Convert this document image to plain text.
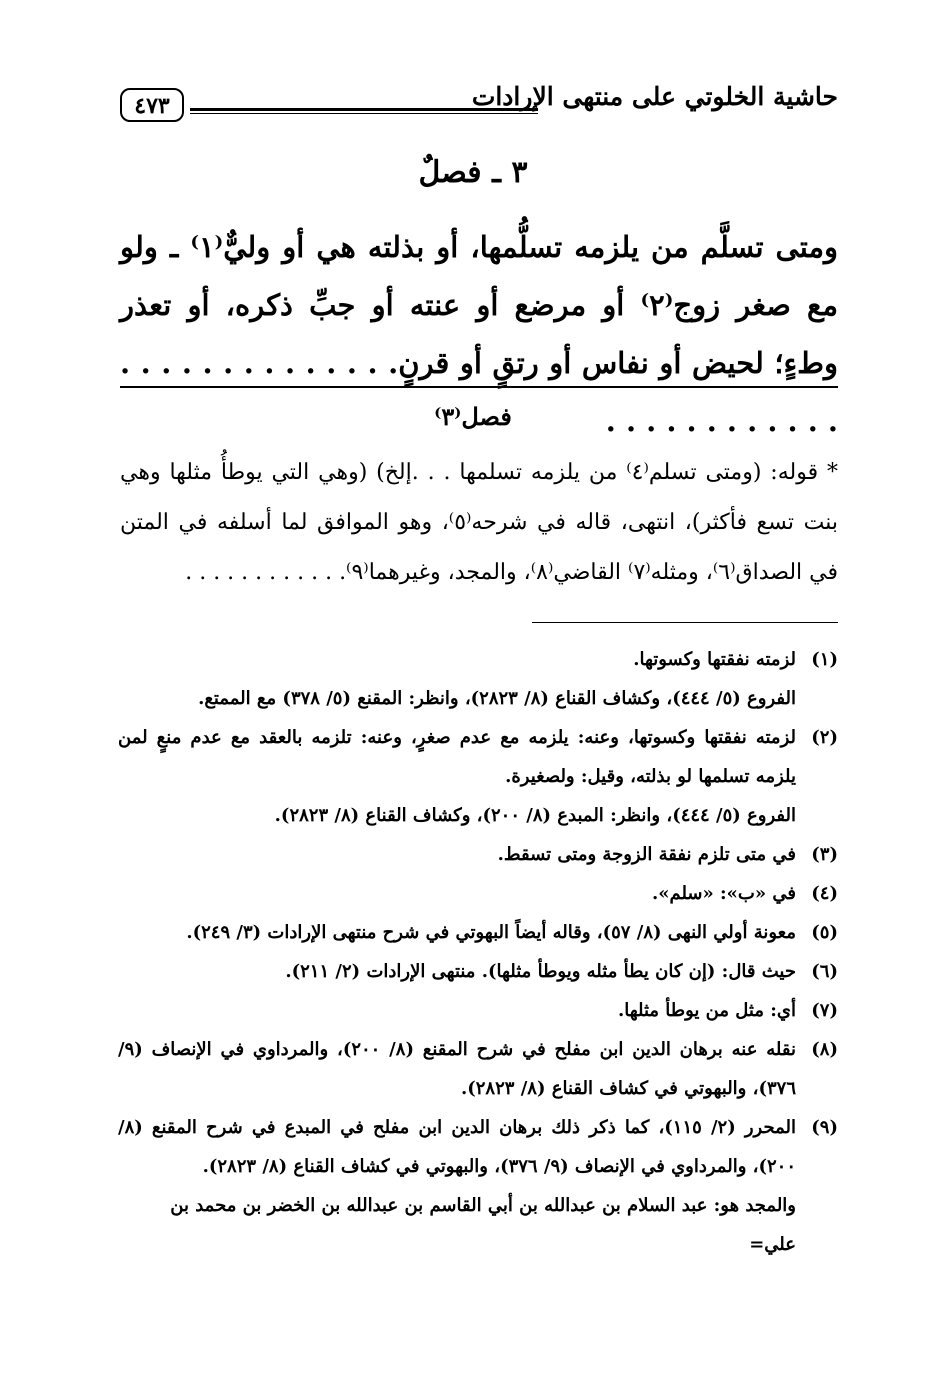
حاشية الخلوتي على منتهى الإرادات
٤٧٣
٣ ـ فصلٌ
ومتى تسلَّم من يلزمه تسلُّمها، أو بذلته هي أو وليٌّ⁽١⁾ ـ ولو مع صغر زوج⁽٢⁾ أو مرضع أو عنته أو جبِّ ذكره، أو تعذر وطءٍ؛ لحيض أو نفاس أو رتقٍ أو قرنٍ. . . . . . . . . . . . . . . . . . . . . . . . . .
فصل⁽٣⁾
* قوله: (ومتى تسلم⁽٤⁾ من يلزمه تسلمها . . .إلخ) (وهي التي يوطأُ مثلها وهي بنت تسع فأكثر)، انتهى، قاله في شرحه⁽٥⁾، وهو الموافق لما أسلفه في المتن في الصداق⁽٦⁾، ومثله⁽٧⁾ القاضي⁽٨⁾، والمجد، وغيرهما⁽٩⁾. . . . . . . . . . . .
(١)
لزمته نفقتها وكسوتها.
الفروع (٥/ ٤٤٤)، وكشاف القناع (٨/ ٢٨٢٣)، وانظر: المقنع (٥/ ٣٧٨) مع الممتع.
(٢)
لزمته نفقتها وكسوتها، وعنه: يلزمه مع عدم صغرٍ، وعنه: تلزمه بالعقد مع عدم منعٍ لمن يلزمه تسلمها لو بذلته، وقيل: ولصغيرة.
الفروع (٥/ ٤٤٤)، وانظر: المبدع (٨/ ٢٠٠)، وكشاف القناع (٨/ ٢٨٢٣).
(٣)
في متى تلزم نفقة الزوجة ومتى تسقط.
(٤)
في «ب»: «سلم».
(٥)
معونة أولي النهى (٨/ ٥٧)، وقاله أيضاً البهوتي في شرح منتهى الإرادات (٣/ ٢٤٩).
(٦)
حيث قال: (إن كان يطأ مثله ويوطأ مثلها). منتهى الإرادات (٢/ ٢١١).
(٧)
أي: مثل من يوطأ مثلها.
(٨)
نقله عنه برهان الدين ابن مفلح في شرح المقنع (٨/ ٢٠٠)، والمرداوي في الإنصاف (٩/ ٣٧٦)، والبهوتي في كشاف القناع (٨/ ٢٨٢٣).
(٩)
المحرر (٢/ ١١٥)، كما ذكر ذلك برهان الدين ابن مفلح في المبدع في شرح المقنع (٨/ ٢٠٠)، والمرداوي في الإنصاف (٩/ ٣٧٦)، والبهوتي في كشاف القناع (٨/ ٢٨٢٣).
والمجد هو: عبد السلام بن عبدالله بن أبي القاسم بن عبدالله بن الخضر بن محمد بن علي=
